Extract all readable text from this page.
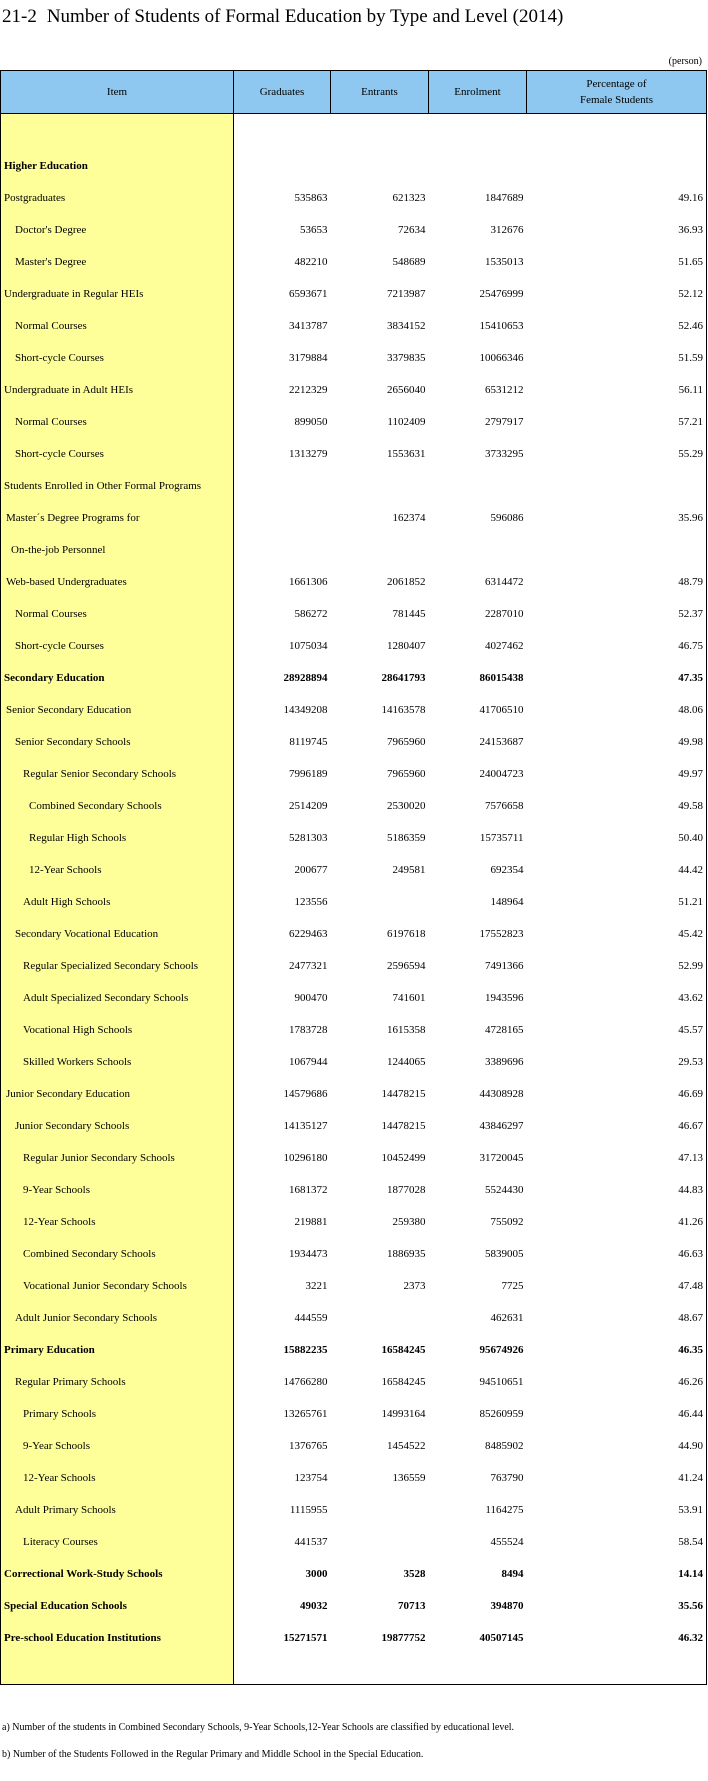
21-2 Number of Students of Formal Education by Type and Level (2014)
(person)
Item	Graduates	Entrants	Enrolment	Percentage of
Female Students

Higher Education				
Postgraduates	535863	621323	1847689	49.16
Doctor's Degree	53653	72634	312676	36.93
Master's Degree	482210	548689	1535013	51.65
Undergraduate in Regular HEIs	6593671	7213987	25476999	52.12
Normal Courses	3413787	3834152	15410653	52.46
Short-cycle Courses	3179884	3379835	10066346	51.59
Undergraduate in Adult HEIs	2212329	2656040	6531212	56.11
Normal Courses	899050	1102409	2797917	57.21
Short-cycle Courses	1313279	1553631	3733295	55.29
Students Enrolled in Other Formal Programs				
Master´s Degree Programs for		162374	596086	35.96
On-the-job Personnel				
Web-based Undergraduates	1661306	2061852	6314472	48.79
Normal Courses	586272	781445	2287010	52.37
Short-cycle Courses	1075034	1280407	4027462	46.75
Secondary Education	28928894	28641793	86015438	47.35
Senior Secondary Education	14349208	14163578	41706510	48.06
Senior Secondary Schools	8119745	7965960	24153687	49.98
Regular Senior Secondary Schools	7996189	7965960	24004723	49.97
Combined Secondary Schools	2514209	2530020	7576658	49.58
Regular High Schools	5281303	5186359	15735711	50.40
12-Year Schools	200677	249581	692354	44.42
Adult High Schools	123556		148964	51.21
Secondary Vocational Education	6229463	6197618	17552823	45.42
Regular Specialized Secondary Schools	2477321	2596594	7491366	52.99
Adult Specialized Secondary Schools	900470	741601	1943596	43.62
Vocational High Schools	1783728	1615358	4728165	45.57
Skilled Workers Schools	1067944	1244065	3389696	29.53
Junior Secondary Education	14579686	14478215	44308928	46.69
Junior Secondary Schools	14135127	14478215	43846297	46.67
Regular Junior Secondary Schools	10296180	10452499	31720045	47.13
9-Year Schools	1681372	1877028	5524430	44.83
12-Year Schools	219881	259380	755092	41.26
Combined Secondary Schools	1934473	1886935	5839005	46.63
Vocational Junior Secondary Schools	3221	2373	7725	47.48
Adult Junior Secondary Schools	444559		462631	48.67
Primary Education	15882235	16584245	95674926	46.35
Regular Primary Schools	14766280	16584245	94510651	46.26
Primary Schools	13265761	14993164	85260959	46.44
9-Year Schools	1376765	1454522	8485902	44.90
12-Year Schools	123754	136559	763790	41.24
Adult Primary Schools	1115955		1164275	53.91
Literacy Courses	441537		455524	58.54
Correctional Work-Study Schools	3000	3528	8494	14.14
Special Education Schools	49032	70713	394870	35.56
Pre-school Education Institutions	15271571	19877752	40507145	46.32

a) Number of the students in Combined Secondary Schools, 9-Year Schools,12-Year Schools are classified by educational level.
b) Number of the Students Followed in the Regular Primary and Middle School in the Special Education.
